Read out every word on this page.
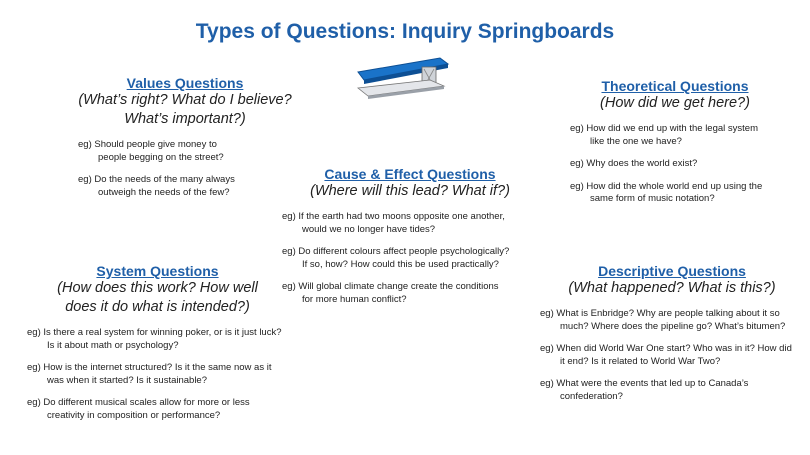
Types of Questions: Inquiry Springboards
Values Questions
(What’s right? What do I believe?
What’s important?)
eg) Should people give money to
people begging on the street?
eg) Do the needs of the many always
outweigh the needs of the few?
Theoretical Questions
(How did we get here?)
eg) How did we end up with the legal system
like the one we have?
eg) Why does the world exist?
eg) How did the whole world end up using the
same form of music notation?
Cause & Effect Questions
(Where will this lead? What if?)
eg) If the earth had two moons opposite one another,
would we no longer have tides?
eg) Do different colours affect people psychologically?
If so, how? How could this be used practically?
eg) Will global climate change create the conditions
for more human conflict?
System Questions
(How does this work? How well
does it do what is intended?)
eg) Is there a real system for winning poker, or is it just luck?
Is it about math or psychology?
eg) How is the internet structured? Is it the same now as it
was when it started? Is it sustainable?
eg) Do different musical scales allow for more or less
creativity in composition or performance?
Descriptive Questions
(What happened? What is this?)
eg) What is Enbridge? Why are people talking about it so
much? Where does the pipeline go? What’s bitumen?
eg) When did World War One start? Who was in it? How did
it end? Is it related to World War Two?
eg) What were the events that led up to Canada’s
confederation?
